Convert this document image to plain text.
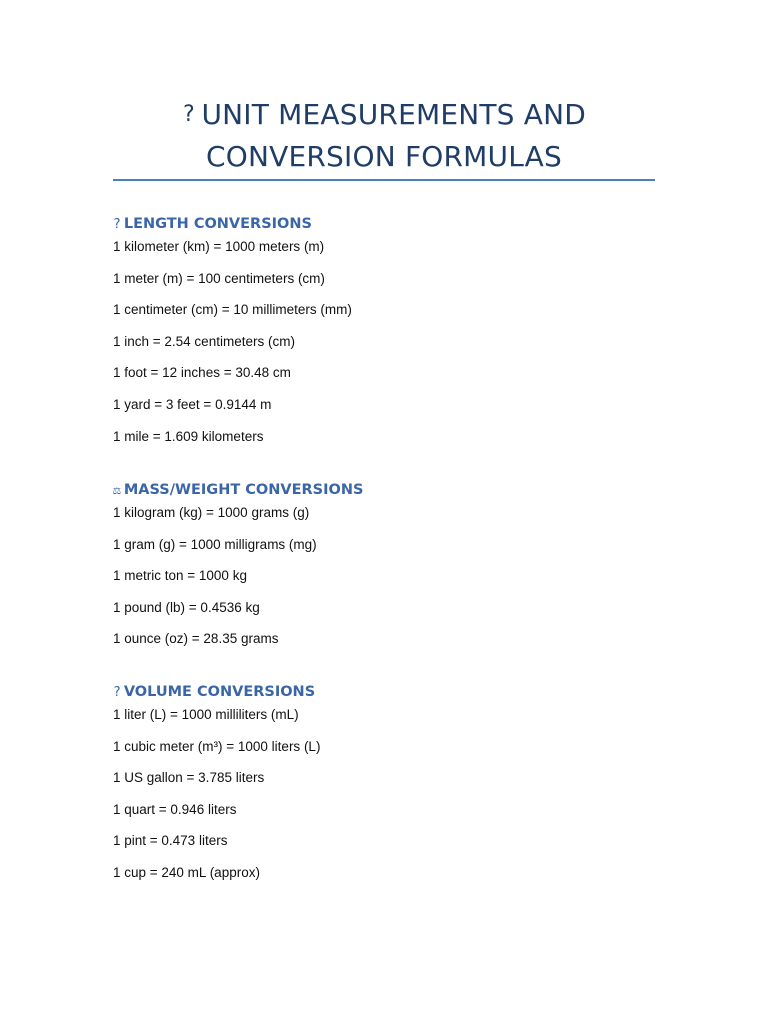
? UNIT MEASUREMENTS AND
CONVERSION FORMULAS
? LENGTH CONVERSIONS
1 kilometer (km) = 1000 meters (m)
1 meter (m) = 100 centimeters (cm)
1 centimeter (cm) = 10 millimeters (mm)
1 inch = 2.54 centimeters (cm)
1 foot = 12 inches = 30.48 cm
1 yard = 3 feet = 0.9144 m
1 mile = 1.609 kilometers
⚖ MASS/WEIGHT CONVERSIONS
1 kilogram (kg) = 1000 grams (g)
1 gram (g) = 1000 milligrams (mg)
1 metric ton = 1000 kg
1 pound (lb) = 0.4536 kg
1 ounce (oz) = 28.35 grams
? VOLUME CONVERSIONS
1 liter (L) = 1000 milliliters (mL)
1 cubic meter (m³) = 1000 liters (L)
1 US gallon = 3.785 liters
1 quart = 0.946 liters
1 pint = 0.473 liters
1 cup = 240 mL (approx)
